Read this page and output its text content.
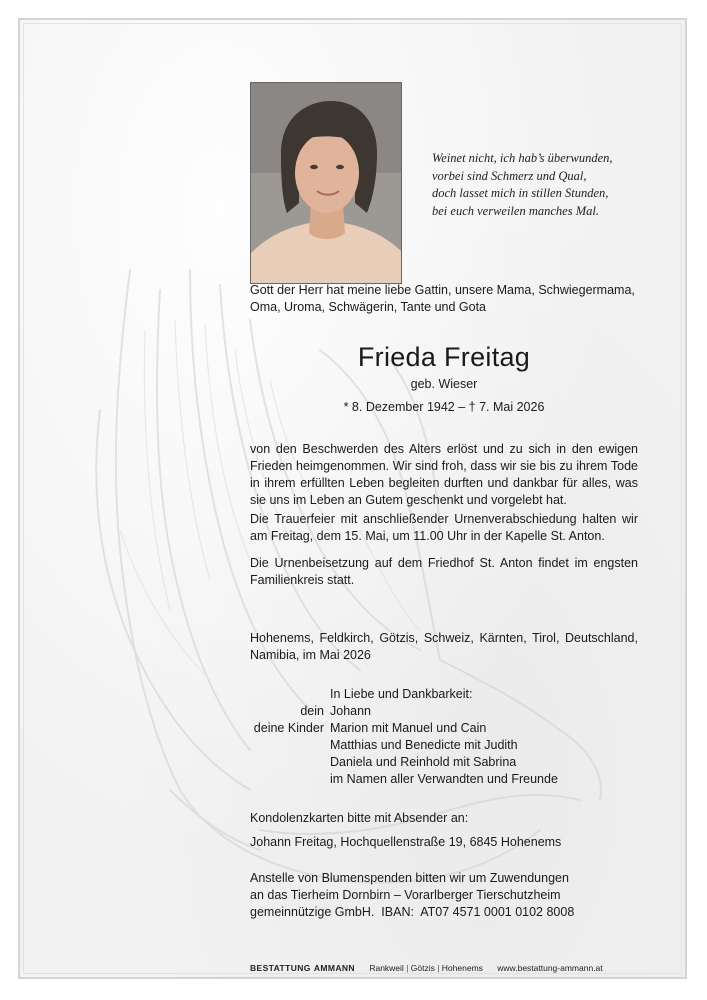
Weinet nicht, ich hab’s überwunden,
vorbei sind Schmerz und Qual,
doch lasset mich in stillen Stunden,
bei euch verweilen manches Mal.
Gott der Herr hat meine liebe Gattin, unsere Mama, Schwiegermama,
Oma, Uroma, Schwägerin, Tante und Gota
Frieda Freitag
geb. Wieser
* 8. Dezember 1942 – † 7. Mai 2026
von den Beschwerden des Alters erlöst und zu sich in den ewigen Frieden heimgenommen. Wir sind froh, dass wir sie bis zu ihrem Tode in ihrem erfüllten Leben begleiten durften und dankbar für alles, was sie uns im Leben an Gutem geschenkt und vorgelebt hat.
Die Trauerfeier mit anschließender Urnenverabschiedung halten wir am Freitag, dem 15. Mai, um 11.00 Uhr in der Kapelle St. Anton.
Die Urnenbeisetzung auf dem Friedhof St. Anton findet im engsten Familienkreis statt.
Hohenems, Feldkirch, Götzis, Schweiz, Kärnten, Tirol, Deutschland, Namibia, im Mai 2026
dein
deine Kinder
In Liebe und Dankbarkeit:
Johann
Marion mit Manuel und Cain
Matthias und Benedicte mit Judith
Daniela und Reinhold mit Sabrina
im Namen aller Verwandten und Freunde
Kondolenzkarten bitte mit Absender an:
Johann Freitag, Hochquellenstraße 19, 6845 Hohenems
Anstelle von Blumenspenden bitten wir um Zuwendungen
an das Tierheim Dornbirn – Vorarlberger Tierschutzheim
gemeinnützige GmbH.  IBAN:  AT07 4571 0001 0102 8008
BESTATTUNG AMMANN Rankweil | Götzis | Hohenems www.bestattung-ammann.at
